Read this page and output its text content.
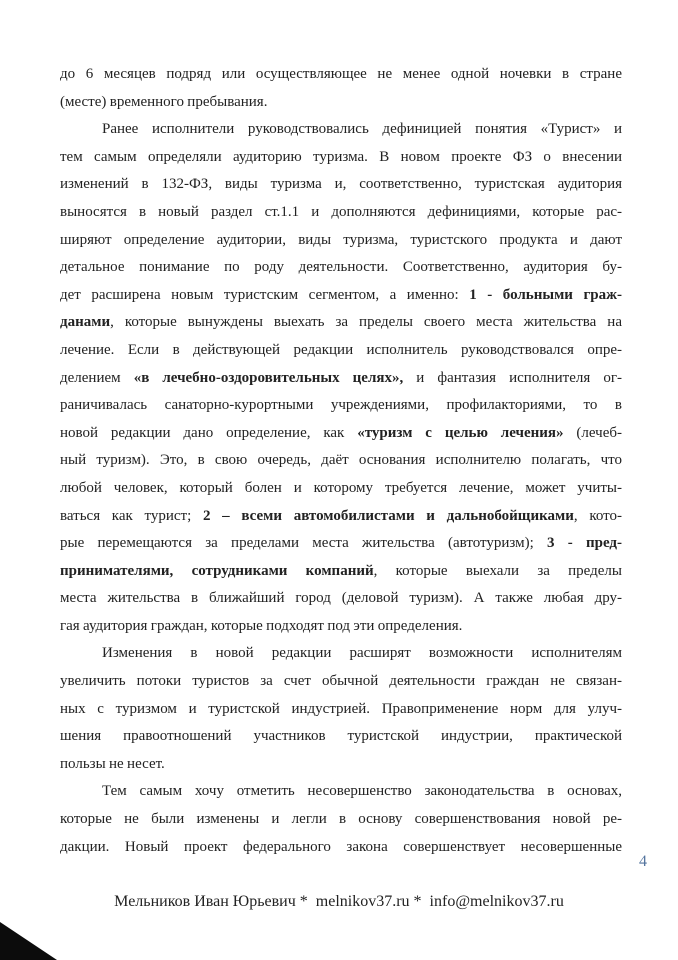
до 6 месяцев подряд или осуществляющее не менее одной ночевки в стране
(месте) временного пребывания.
Ранее исполнители руководствовались дефиницией понятия «Турист» и
тем самым определяли аудиторию туризма. В новом проекте ФЗ о внесении
изменений в 132-ФЗ, виды туризма и, соответственно, туристская аудитория
выносятся в новый раздел ст.1.1 и дополняются дефинициями, которые рас-
ширяют определение аудитории, виды туризма, туристского продукта и дают
детальное понимание по роду деятельности. Соответственно, аудитория бу-
дет расширена новым туристским сегментом, а именно: 1 - больными граж-
данами, которые вынуждены выехать за пределы своего места жительства на
лечение. Если в действующей редакции исполнитель руководствовался опре-
делением «в лечебно-оздоровительных целях», и фантазия исполнителя ог-
раничивалась санаторно-курортными учреждениями, профилакториями, то в
новой редакции дано определение, как «туризм с целью лечения» (лечеб-
ный туризм). Это, в свою очередь, даёт основания исполнителю полагать, что
любой человек, который болен и которому требуется лечение, может учиты-
ваться как турист; 2 – всеми автомобилистами и дальнобойщиками, кото-
рые перемещаются за пределами места жительства (автотуризм); 3 - пред-
принимателями, сотрудниками компаний, которые выехали за пределы
места жительства в ближайший город (деловой туризм). А также любая дру-
гая аудитория граждан, которые подходят под эти определения.
Изменения в новой редакции расширят возможности исполнителям
увеличить потоки туристов за счет обычной деятельности граждан не связан-
ных с туризмом и туристской индустрией. Правоприменение норм для улуч-
шения правоотношений участников туристской индустрии, практической
пользы не несет.
Тем самым хочу отметить несовершенство законодательства в основах,
которые не были изменены и легли в основу совершенствования новой ре-
дакции. Новый проект федерального закона совершенствует несовершенные
4
Мельников Иван Юрьевич *  melnikov37.ru *  info@melnikov37.ru
